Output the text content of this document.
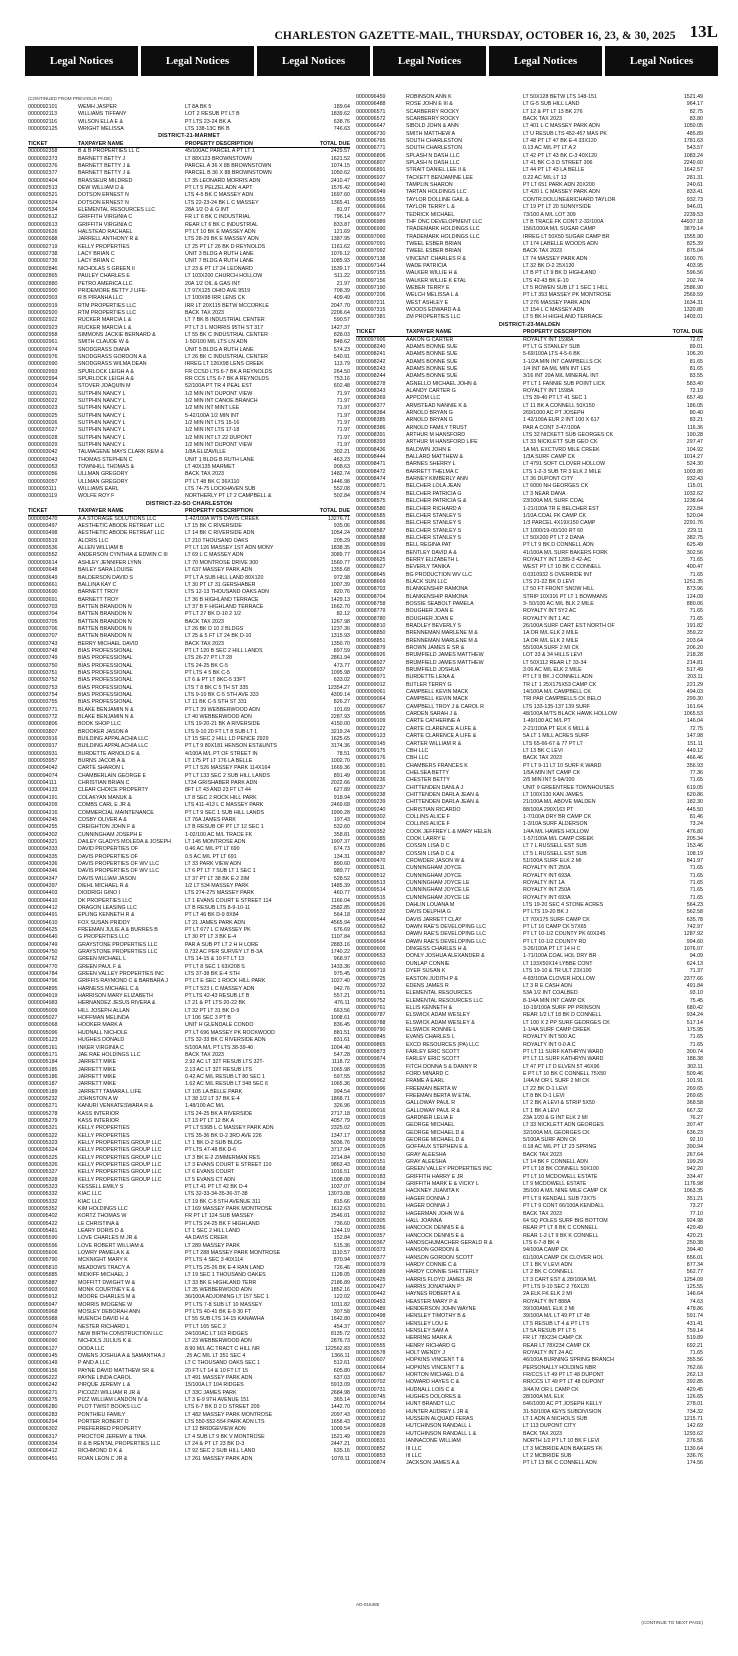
CHARLESTON GAZETTE-MAIL, THURSDAY, OCTOBER 16, 23, & 30, 2025 13L
Legal Notices	Legal Notices	Legal Notices	Legal Notices	Legal Notices	Legal Notices
(CONTINUED FROM PREVIOUS PAGE)
0000092101	WEMH JASPER	LT 8A BK 5	189.64
0000092113	WILLIAMS TIFFANY	LOT 2 RESUB PT LT B	1839.62
0000092116	WILSON ELLA E &	PT LTS 23-24 BK A	638.76
0000092125	WRIGHT MELISSA	LTS 138-13C BK B	746.63
DISTRICT-21-MARMET
TICKET	TAXPAYER NAME	PROPERTY DESCRIPTION	TOTAL DUE
0000092358	B & B PROPERTIES LL C	45/100AC PARCEL A PT LT 1	2429.57
0000092373	BARNETT BETTY J	LT 88X123 BROWNSTOWN	1621.52
0000092376	BARNETT BETTY J &	PARCEL A 36 X 88 BROWNSTOWN	1074.15
0000092377	BARNETT BETTY J &	PARCEL B 36 X 88 BROWNSTOWN	1050.62
0000092404	BRASSEUR MILDRED	LT 35 LEONARD MORRIS ADN	2410.47
0000092513	DEW WILLIAM D &	PT LT 5 PELZEL ADN 4 APT	1576.42
0000092521	DOTSON ERNEST N	LTS 4-5 BK C MASSEY ADN	1697.60
0000092524	DOTSON ERNEST N	LTS 22-23-24 BK L C MASSEY	1365.41
0000092534	ELEMENTAL RESOURCES LLC	28A 1/2 O & G INT	81.97
0000092612	GRIFFITH VIRGINIA C	FR LT 6 BK C INDUSTRIAL	796.14
0000092613	GRIFFITH VIRGINIA C	REAR LT 6 BK C INDUSTRIAL	833.87
0000092626	HALSTEAD RACHAEL	PT LT 10 BK E MASSEY ADN	121.69
0000092688	JARRELL ANTHONY R &	LTS 28-29 BK E MASSEY ADN	1387.95
0000092719	KELLY PROPERTIES	LT 25 PT LT 26 BK D REYNOLDS	1161.62
0000092738	LACY BRIAN C	UNIT 3 BLDG A RUTH LANE	1076.12
0000092739	LACY BRIAN C	UNIT 7 BLDG A RUTH LANE	1085.93
0000092846	NICHOLAS S GREEN II	LT 23 & PT LT 24 LEONARD	1539.17
0000092865	PAULEY CHARLES E	LT 103X200 CHURCH HOLLOW	511.22
0000092880	PETRO AMERICA LLC	20A 1/2 OIL & GAS INT	21.97
0000092900	PRIDEMORE BETTY J LIFE-	LT 97X125 OHIO AVE 9519	708.39
0000092903	R B PIRANHA LLC	LT 100X98 IRR LENS CK	409.49
0000092919	RTM PROPERTIES LLC	IRR LT 20X115 BETW MCCORKLE	2047.70
0000092920	RTM PROPERTIES LLC	BACK TAX 2023	2206.64
0000092922	RUCKER MARCIA L &	LT 7 BK B INDUSTRIAL CENTER	590.57
0000092923	RUCKER MARCIA L &	PT LT 3 L MORRIS 95TH ST 317	1427.37
0000092958	SIMMONS JACKIE BERNARD &	LT 55 BK C INDUSTRIAL CENTER	828.03
0000092961	SMITH CLAUDE W &	1-50/100 M/L LTS LN ADN	848.62
0000092974	SNODGRASS DIANA	UNIT 5 BLDG A RUTH LANE	574.23
0000092976	SNODGRASS GORDON A &	LT 26 BK C INDUSTRIAL CENTER	540.91
0000092990	SNODGRASS WILMA DEAN	IRREG LT 126X98 LENS CREEK	113.79
0000092993	SPURLOCK LEIGH A &	FR CCSD LTS 6-7 BK A REYNOLDS	264.50
0000092994	SPURLOCK LEIGH A &	RR CCS LTS 6-7 BK A REYNOLDS	753.16
0000093014	STOVER JOAQUIN M	52/100A PT TR 4 PEAL EST	602.48
0000093021	SUTPHIN NANCY L	1/2 MIN INT DUPONT VIEW	71.97
0000093022	SUTPHIN NANCY L	1/2 MIN INT CANOE BRANCH	71.97
0000093023	SUTPHIN NANCY L	1/2 MIN INT MINT LEE	71.97
0000093025	SUTPHIN NANCY L	5-42/100A 1/2 MIN INT	71.97
0000093026	SUTPHIN NANCY L	1/2 MIN INT LTS 15-16	71.97
0000093027	SUTPHIN NANCY L	1/2 MIN INT LTS 17-18	71.97
0000093028	SUTPHIN NANCY L	1/2 MIN INT LT 22 DUPONT	71.97
0000093029	SUTPHIN NANCY L	1/2 MIN INT DUPONT VIEW	71.97
0000093042	TALMAGENE MAYS CLARK REM &	1/8A ELIZAVILLE	302.21
0000093043	THOMAS STEPHEN C	UNIT 1 BLDG B RUTH LANE	463.23
0000093053	TOWNHILL THOMAS &	LT 40X135 MARMET	908.63
0000093056	ULLMAN GREGORY	BACK TAX 2023	1482.74
0000093057	ULLMAN GREGORY	PT LT 48 BK C 36X110	1446.98
0000093111	WILLIAMS EARL	LTS 74-75 LOCKHAVEN SUB	552.08
0000093119	WOLFE ROY F	NORTHERLY PT LT 2 CAMPBELL &	502.84
DISTRICT-22-SO CHARLESTON
TICKET	TAXPAYER NAME	PROPERTY DESCRIPTION	TOTAL DUE
0000093470	A A STORAGE SOLUTIONS LLC	1-42/100A WTS DAVIS CREEK	13276.71
0000093497	AESTHETIC ABODE RETREAT LLC	LT 15 BK C RIVERSIDE	935.06
0000093498	AESTHETIC ABODE RETREAT LLC	LT 14 BK C RIVERSIDE ADN	1054.24
0000093519	ALCRIS LLC	LT 210 THOUSAND OAKS	205.29
0000093536	ALLEN WILLIAM B	PT LT 126 MASSEY 1ST ADN MONY	1838.35
0000093552	ANDERSON CYNTHIA & EDWIN C III	LT 69 L C MASSEY ADN	3089.77
0000093614	ASHLEY JENNIFER LYNN	LT 70 MONTROSE DRIVE 300	1560.77
0000093648	BAILEY SARA LOUISE	LT 637 MASSEY PARK ADN	1355.68
0000093649	BALDERSON DAVID S	PT LT A SUB HILL LAND 80X120	972.98
0000093661	BALLINA KAY C	LT 30 PT LT 31 GERSHABER	1007.39
0000093690	BARNETT TROY	LTS 12-13 THOUSAND OAKS ADN	820.76
0000093691	BARNETT TROY	LT 36 B HIGHLAND TERRACE	1429.13
0000093703	BATTEN BRANDON N	LT 37 B F HIGHLAND TERRACE	1662.70
0000093704	BATTEN BRANDON N	PT LT 27 BK D-10 2 1/2	82.12
0000093705	BATTEN BRANDON N	BACK TAX 2023	1267.98
0000093706	BATTEN BRANDON N	LT 26 BK D 10 2 BLDGS	1237.36
0000093707	BATTEN BRANDON N	LT 25 & 5 FT LT 24 BK D-10	1315.93
0000093743	BERRY MICHAEL DAVID	BACK TAX 2023	1350.70
0000093748	BIAS PROFESSIONAL	PT LT 120 B SEC 2 HILL LANDS	897.59
0000093749	BIAS PROFESSIONAL	LTS 26-27 PT LT 28	2861.94
0000093750	BIAS PROFESSIONAL	LTS 24-25 BK C-5	473.77
0000093751	BIAS PROFESSIONAL	PT LTS 4 5 BK C-5	1095.98
0000093752	BIAS PROFESSIONAL	LT 6 & PT LT 8KC-5 33FT	633.02
0000093753	BIAS PROFESSIONAL	LTS 7 8 BK C 5 TH ST 335	12354.27
0000093754	BIAS PROFESSIONAL	LTS 9-10 BK C-5 STH AVE 333	4300.14
0000093755	BIAS PROFESSIONAL	LT 11 BK C-5 STH ST 331	826.27
0000093771	BLAKE BENJAMIN N &	PT LT 39 WEBBERWOOD ADN	101.69
0000093772	BLAKE BENJAMIN N &	LT 40 WEBBERWOOD ADN	2287.93
0000093806	BOOK SHOP LLC	LTS 19-20-21 BK A RIVERSIDE	4150.00
0000093807	BROOKER JASON A	LTS 9-10 20 FT LT 8 SUB LT 1	3219.24
0000093916	BUILDING APPALACHIA LLC	LT 15 SEC 2 HILL LD PENCE 2929	1625.65
0000093917	BUILDING APPALACHIA LLC	PT LT 9 80X181 HENSON EST&UNTS	3174.36
0000093931	BURDETTE ARNOLD E &	4/100A M/L PT OF STREET IN	78.51
0000093957	BURNS JACOB A &	LT 175 PT LT 176 LA BELLE	1002.70
0000094042	CARTE SHARON L	PT LT 526 MASSEY PARK 114X164	1669.36
0000094074	CHAMBERLAIN GEORGE E	PT LT 133 SEC 2 SUB HILL LANDS	891.49
0000094111	CHRISTIAN BRIAN C	LT34 GRISHABER PARK ADN	2022.66
0000094133	CLEAR CHOICE PROPERTY	8FT LT 43 AND 23 FT LT 44	627.89
0000094191	COLAKYAN MANUK &	LT 8 SEC 2 ROCK HILL PARK	918.94
0000094209	COMBS CARL E JR &	LTS 411-413 L C MASSEY PARK	2469.68
0000094216	COMMERCIAL MAINTENANCE	PT LT 9 SEC 1 SUB HILL LANDS	1990.28
0000094245	COSBY OLIVER A &	LT 76A JAMES PARK	197.43
0000094255	CREIGHTON JOHN F &	LT B RESUB OF PT LT 12 SEC 1	532.60
0000094302	CUNNINGHAM JOSEPH E	1-02/100 AC M/L TRACE FK	358.81
0000094321	DAILEY GLADYS MOLEDA & JOSEPH	LT 145 MONTROSE ADN	1907.37
0000094333	DAVID PROPERTIES OF	0.46 AC M/L PT LT 690	674.73
0000094335	DAVIS PROPERTIES OF	0.5 AC M/L PT LT 691	134.31
0000094336	DAVIS PROPERTIES OF WV LLC	LT 33 PARK VIEW ADN	890.60
0000094346	DAVIS PROPERTIES OF WV LLC	LT 6 PT LT 7 SUB LT 1 SEC 1	989.77
0000094347	DAVIS WILLIAM JASON	LT 37 PT LT 38 BK E-2 2IM	528.52
0000094397	DIEHL MICHAEL R &	1/2 LT 534 MASSEY PARK	1485.39
0000094403	DIODRIGI GINO I	LTS 274-275 MASSEY PARK	460.77
0000094410	DK PROPERTIES LLC	LT 1 EVANS COURT E STREET 114	1166.04
0000094412	DRAGON LEASING LLC	LT B RESUB LTS 8-9-10-11	2582.85
0000094491	EPLING KENNETH R &	PT LT 46 BK D-9 8X84	564.18
0000094610	FOX SUSAN PRIDDY	LT 21 JAMES PARK ADN	4565.94
0000094625	FREEMAN JULIE A & BURRES B	PT LT 677 L C MASSEY PK	676.69
0000094640	G PROPERTIES LLC	LT 30 PT LT 3 BK E-4	1107.84
0000094749	GRAYSTONE PROPERTIES LLC	PAR A SUB PT LT 2 H H LORE	2883.16
0000094750	GRAYSTONE PROPERTIES LLC	0.732 AC PER SURVEY LT B-3A	1740.22
0000094762	GREEN MICHAEL L	LTS 14-15 & 10 FT LT 13	968.97
0000094770	GREEN PAUL F &	PT LT 8 SEC 1 63X208 S	1433.36
0000094784	GREEN VALLEY PROPERTIES INC	LTS 37-38 BK E-4 STH	975.45
0000094796	GRIFFIS RAYMOND C & BARBARA J	PT LT E SEC 1 ROCK HILL PARK	1027.40
0000094895	HARNESS MICHAEL C &	PT LT 523 L C MASSEY ADN	942.76
0000094919	HARRISON MARY ELIZABETH	PT LTS 42-43 RESUB LT B	557.21
0000094983	HERNANDEZ JESUS RIVERA &	LT 21 & PT LTS 20-22 BK	476.11
0000095009	HILL JOSEPH ALLAN	LT 32 PT LT 31 BK D-9	663.56
0000095027	HOFFMAN MELINDA	LT 106 SEC 3 PT B	1008.61
0000095068	HOOKER MARK A	UNIT H GLENDALE CONDO	836.45
0000095096	HUDNALL NICHOLE	PT LT 696 MASSEY PK ROCKWOOD	881.51
0000095123	HUGHES DONALD	LTS 32-33 BK C RIVERSIDE ADN	831.61
0000095161	INKER VIRGINIA C	5/100A M/L PT LTS 38-39-40	1004.40
0000095171	JAE RAE HOLDINGS LLC	BACK TAX 2023	547.28
0000095184	JARRETT MIKE	2.92 AC LT 32T RESUB LTS 32T-	1118.72
0000095185	JARRETT MIKE	2.13 AC LT 32T RESUB LTS	1065.98
0000095186	JARRETT MIKE	0.42 AC M/L RESUB LT 80 SEC 1	597.55
0000095187	JARRETT MIKE	1.62 AC M/L RESUB LT 348 SEC 6	1065.36
0000095189	JARRETT TAMARA L LIFE	LT 105 LA BELLE PARK	994.54
0000095232	JOHNSTON A W	LT 38 1/2 LT 37 BK E-4	1868.71
0000095271	KANURI VENKATESWARA R &	1.48/100 AC M/L	326.96
0000095278	KASS INTERIOR	LTS 24-25 BK A RIVERSIDE	2717.18
0000095279	KASS INTERIOR	LT 13 PT LT 12 BK A	4057.79
0000095321	KELLY PROPERTIES	PT LT 536B L C MASSEY PARK ADN	2325.02
0000095322	KELLY PROPERTIES	LTS 35-36 BK D-2 3RD AVE 226	1347.17
0000095323	KELLY PROPERTIES GROUP LLC	LT 1 BK D-2 SUB BLDG	5036.76
0000095324	KELLY PROPERTIES GROUP LLC	PT LTS 47-48 BK D-6	3717.94
0000095325	KELLY PROPERTIES GROUP LLC	LT 3 BK E-2 ZIMMERMAN RES	2214.84
0000095326	KELLY PROPERTIES GROUP LLC	LT 3 EVANS COURT E STREET 110	9863.43
0000095327	KELLY PROPERTIES GROUP LLC	LT 6 EVANS COURT	1016.51
0000095328	KELLY PROPERTIES GROUP LLC	LT 5 EVANS CT ADN	1508.08
0000095323	KESSELL EMILY S	PT LT 41 PT LT 42 BK D-4	1037.07
0000095332	KIAC LLC	LTS 32-33-34-35-36-37-38	13073.08
0000095332	KIAC LLC	LT 19 BK C-5 5TH AVENUE 311	815.66
0000095352	KIM HOLDINGS LLC	LT 169 MASSEY PARK MONTROSE	1612.63
0000095402	KORTZ THOMAS W	FR PT LT 124 SUB MASSEY	2546.01
0000095422	LE CHRISTINA &	PT LTS 24-25 BK F HIGHLAND	736.60
0000095481	LEARY DORIS D &	LT 1 SEC 2 HILL LAND	1244.19
0000095590	LOVE CHARLES M JR &	4A DAVIS CREEK	152.84
0000095596	LOVE ROBERT WILLIAM &	LT 289 MASSEY PARK	515.36
0000095606	LOWRY PAMELA K &	PT LT 288 MASSEY PARK MONTROSE	1110.57
0000095790	MCKNIGHT MARY K	PT LTS 4 SEC 3 40X114	870.94
0000095810	MEADOWS TRACY A	PT LTS 25-26 BK E-4 RAN LAND	726.46
0000095885	MIDKIFF MICHAEL J	LT 19 SEC 1 THOUSAND OAKES	1128.05
0000095887	MOFFITT DWIGHT W &	LT 33 BK E HIGHLAND TERR	2186.89
0000095903	MONK COURTNEY E &	LT 35 WEBBERWOOD ADN	1852.16
0000095912	MOORE CHARLES M &	36/100A ADJOINING LT 157 SEC 1	122.02
0000095947	MORRIS IMOGENE W	PT LTS 7-8 SUB LT 10 MASSEY	1011.82
0000095968	MOSLEY DEBORAH ANN	PT LTS 40-41 BK E-9 30 FT	307.58
0000095988	MUENCH DAVID H &	LT 55 SUB LTS 14-15 KANAWHA	1642.80
0000096074	NESTER RICHARD L	PT LT 165 SEC 2	454.37
0000096077	NEW BIRTH CONSTRUCTION LLC	24/100AC LT 163 RIDGES	8135.72
0000096090	NICHOLS JULIUS K &	LT 23 WEBBERWOOD ADN	2876.73
0000096127	OODA LLC	8.90 M/L AC TRACT C HILL NR	122562.83
0000096145	OWENS JOSHUA A & SAMANTHA J	.25 AC M/L LT 351 SEC 4	1366.11
0000096149	P AND A LLC	LT C THOUSAND OAKS SEC 1	512.61
0000096156	PAYNE DAVID MATTHEW SR &	20 FT LT 14 & 10 FT LT 15	605.80
0000096222	PAYNE LINDA CAROL	LT 491 MASSEY PARK ADN	637.03
0000096242	PIRQUE JEREMY L &	15/100A LT 104 RIDGES	5913.09
0000096271	PICOZZI WILLIAM R JR &	LT 33C JAMES PARK	2684.98
0000096275	PIZZ WILLIAM LANDON IV &	LT 3 E-9 9TH AVENUE 151	365.14
0000096280	PLOT TWIST BOOKS LLC	LTS 6-7 BK D 2 D STREET 209	1442.70
0000096283	PONTHIEU FAMILY	LT 482 MASSEY PARK MONTROSE	2097.43
0000096294	PORTER ROBERT D	LTS 550-552-554 PARK ADN LTS	1656.43
0000096302	PREFERRED PROPERTY	LT 12 BRIDGEVIEW ADN	1009.54
0000096317	PROCTOR JEREMY & TINA	LT 4 SUB LT 9 BK V MONTROSE	1521.49
0000096334	R & B RENTAL PROPERTIES LLC	LT 24 & PT LT 23 BK D-3	2447.21
0000096412	RICHMOND D K &	LT 92 SEC 2 SUB HILL LAND	635.16
0000096451	ROAN LEON C JR &	LT 261 MASSEY PARK ADN	1078.11
0000096459	ROBINSON ANN K	LT 50X128 BETW LTS 148-151	1521.49
0000096488	ROSE JOHN E III &	LT G-5 SUB HILL LAND	964.17
0000096571	SCARBERRY ROCKY	LT 12 & PT LT 13 BK 276	82.75
0000096572	SCARBERRY ROCKY	BACK TAX 2023	83.80
0000096647	SIBOLD JOHN & ANN	LT 401 L C MASSEY PARK ADN	1050.05
0000096730	SMITH MATTHEW A	LT U RESUB LTS 452-457 MAS PK	485.89
0000096765	SOUTH CHARLESTON	LT 48 PT LT 47 BK E-4 33X120	1781.63
0000096771	SOUTH CHARLESTON	0.13 AC M/L PT LT A 2	543.57
0000096806	SPLASH N DASH LLC	LT 42 PT LT 43 BK C-3 40X120	1083.24
0000096807	SPLASH N DASH LLC	LT 41 BK C-3 D STREET 306	2240.60
0000096891	STRAIT DANIEL LEE II &	LT 44 PT LT 43 LA BELLE	1642.57
0000096927	TACKETT BENJAMINE LEE	0.22 AC M/L LT 13	281.31
0000096940	TAMPLIN SHARON	PT LT 651 PARK ADN 20X200	240.61
0000096949	TARTAN HOLDINGS LLC	LT 420 L C MASSEY PARK ADN	833.41
0000096955	TAYLOR DOLLINE GAIL &	CONTR.DOLLINE&RICHARD TAYLOR	932.73
0000096966	TAYLOR TERRY L &	LT 19 PT LT 20 SUNNYSIDE	946.01
0000096977	TEDRICK MICHAEL	73/100 A M/L LOT 309	2239.53
0000096989	THF ONC DEVELOPMENT LLC	LT B TRACE FK CONT 2-32/100A	44937.18
0000096990	TRADEMARK HOLDINGS LLC	156/1000A M/L SUGAR CAMP	3879.14
0000097060	TRADEMARK HOLDINGS LLC	IRREG LT 50X50 SUGAR CAMP BR	1555.90
0000097091	TWEEL ESBER BRIAN	LT 174 LABELLE WOODS ADN	825.39
0000097092	TWEEL ESBER BRIAN	BACK TAX 2023	875.04
0000097138	VINCENT CHARLES R &	LT 74 MASSEY PARK ADN	1600.76
0000097144	WADE PATRICIA	LT 32 BK D-2 25X130	403.95
0000097155	WALKER WILLIE H &	LT B PT LT 9 BK D HIGHLAND	596.56
0000097156	WALKER WILLIE K ETAL	LTS 42-43 BK E-10	202.74
0000097190	WEBER TERRY E	LT 5 ROWEN SUB LT 1 SEC 1 HILL	2586.90
0000097206	WELCH MELISSA L &	PT LT 353 MASSEY PK MONTROSE	2569.59
0000097211	WEST ASHLEY E	LT 276 MASSEY PARK ADN	1634.31
0000097315	WOODS EDWARD A &	LT 154 L C MASSEY ADN	1320.80
0000097381	ZM PROPERTIES LLC	LT 5 BK H HIGHLAND TERRACE	1403.01
DISTRICT-23-MALDEN
TICKET	TAXPAYER NAME	PROPERTY DESCRIPTION	TOTAL DUE
0000097906	AAKON G CARTER	ROYALTY INT 1598A	72.67
0000098240	ADAMS BONNE SUE	PT LT G STANLEY SUB	89.01
0000098241	ADAMS BONNE SUE	5-69/100A LTS 4-5-6 BK	106.20
0000098242	ADAMS BONNE SUE	1-1/2A MIN INT CAMPBELLS CK	81.65
0000098243	ADAMS BONNE SUE	1/4 INT 8A M/L MIN INT LES	81.65
0000098244	ADAMS BONNE SUE	3/16 INT 20A M/L MINERAL INT	83.55
0000098278	AGNELLO MICHAEL JOHN &	PT LT 1 FANNIE SUB POINT LICK	583.40
0000098343	ALANDY CARTER G	ROYALTY INT 1598A	72.19
0000098369	APPCOM LLC	LTS 39-40 PT LT 41 SEC 1	657.49
0000098377	ARMSTEAD NANNIE K &	LT 11 BK A CONNELL 50X150	186.05
0000098384	ARNOLD BRYAN G	269/1000 AC PT JOSEPH	80.40
0000098385	ARNOLD BRYAN G	1 42/100A EUR 2 INT 100 X 617	83.21
0000098386	ARNOLD FAMILY TRUST	PAR A CONT 3-47/100A	116.36
0000098391	ARTHUR M HANSFORD	LTS 32 NICKETT SUB GEORGES CK	190.28
0000098393	ARTHUR M HANSFORD LIFE	LT 33 NICKLETT SUB GEO CK	297.47
0000098436	BALDWIN JOHN E	1A M/L EXCTVRD MILE CREEK	104.92
0000098444	BALLARD MATTHEW &	1/3A SURF CAMP CK	1014.27
0000098471	BARNES SHERRY L	LT 4791 SOFT CLOVER HOLLOW	524.30
0000098472	BARRETT THELMA C	LTS 1-2-3 SUB TR 3 ELK 2 MILE	1003.80
0000098474	BARNEY KIMBERLY ANN	LT 36 DUPONT CITY	932.43
0000098571	BELCHER LOLA JEAN	LT 6000 NH GEORGES CK	115.01
0000098574	BELCHER PATRICIA G	LT 3 NEAR DANA	1032.62
0000098575	BELCHER PATRICIA G &	23/100A M/L SURF COAL	1238.64
0000098580	BELCHER RICHARD A	1-21/100A TR E BELCHER EST	223.84
0000098585	BELCHER STANLEY S	1/10A COAL FK CAMP CK	520.04
0000098586	BELCHER STANLEY S	1/3 PARCEL 4X19X150 CAMP	2291.76
0000098587	BELCHER STANLEY S	LT 1000/19-00/100 RT 60	229.11
0000098588	BELCHER STANLEY S	LT 50X200 PT LT 2 DANA	382.75
0000098599	BELL REGINA PAT	PT LT 9 BK D CONNELL ADN	625.49
0000098614	BENTLEY DAVID A &	41/100A M/L SURF BAKERS FORK	302.56
0000098625	BERRY ELIZABETH L	ROYALTY INT 1289-3 42-AC	71.65
0000098627	BEVERLY TANIKA	WEST PT LT 10 BK C CONNELL	400.47
0000098645	BG PRODUCTION WV LLC	0.0310932 S OVERRIDE INT	71.65
0000098669	BLACK SUN LLC	LTS 21-22 BK D LEVI	1251.35
0000098703	BLANKENSHIP RAMONA	LT 50 FT FRONT SNOW HILL	873.96
0000098704	BLANKENSHIP RAMONA	STRIP 10X316 PT LT 1 BOWMANS	124.09
0000098758	BOSSIE SEABOLT PAMELA	3- 50/100 AC M/L BLK 2 MILE	880.06
0000098779	BOUGHER JOAN E	ROYALTY INT 5Y2 AC	71.65
0000098780	BOUGHER JOAN E	ROYALTY INT 1 AC	71.65
0000098810	BRADLEY BEVERLY S	26/100A SURF CART EST NORTH OF	191.82
0000098850	BRENNEMAN MARLENE M &	1A OR M/L ELK 2 MILE	359.22
0000098851	BRENNEMAN MARLENE M &	1A OR M/L ELK 2 MILE	203.64
0000098879	BROWN JAMES E SR &	55/100A SURF 2 MI CK	206.20
0000098926	BRUMFIELD JAMES MATTHEW	LOT 33 & 34 HILLS LEVI	218.28
0000098927	BRUMFIELD JAMES MATTHEW	LT 50X112 REAR LT 33-34	214.81
0000098937	BRUMFIELD JOSHUA	3.06 AC M/L ELK 2 MILE	517.49
0000098971	BURDETTE LENA &	PT LT 9 BK J CONNELL ADN	203.11
0000099012	BUTLER TERRY G	TR LT 1 25X175X53 CAMP CK	221.29
0000099061	CAMPBELL KEVIN MACK	14/100A M/L CAMPBELL CK	494.03
0000099064	CAMPBELL KEVIN MACK	TRI PAR CAMPBELLS CK BELO	299.30
0000099067	CAMPBELL TROY J & CAROL R	LTS 133-135-137 139 SURF	161.64
0000099095	CARDEN SARAH J &	48/100A M/TS BLACK HAWK HOLLOW	1065.53
0000099109	CARTE CATHERINE A	1-49/100 AC M/L PT	146.04
0000099122	CARTE CLARENCE A LIFE &	2-21/100A PT ELK 6 MILL &	72.75
0000099123	CARTE CLARENCE A LIFE &	5A LT 1 MILL ACRES SURF	147.98
0000099145	CARTER WILLIAM R &	LTS 65-66-67 & 77 PT LT	151.11
0000099175	CBH LLC	LT 13 BK C LEVI	449.12
0000099176	CBH LLC	BACK TAX 2023	466.46
0000099181	CHAMBERS FRANCES K	PT LT 9-11 LT 10 SURF K WARD	356.93
0000099216	CHELSEA BETTY	1/5A MIN INT CAMP CK	77.36
0000099236	CHESTER BETTY	2/5 MIN INT 5-9A/100	71.65
0000099237	CHITTENDEN DANLA J	UNIT 9 GREENTREE TOWNHOUSES	619.05
0000099238	CHITTENDEN DARLA JEAN &	LT 100X130 KAN JAMES	620.86
0000099239	CHITTENDEN DARLA JEAN &	21/100A M/L ABOVE MALDEN	182.30
0000099240	CHRISTIAN RICARDO	88/100A 290X163 PT	445.50
0000099302	COLLINS ALICE F	1-7/100A DRY BR CAMP CK	81.46
0000099304	COLLINS ALICE F	1-3/10A SURF ALDERSON	73.24
0000099352	COOK JEFFREY L & MARY HELEN	1/4A M/L HAWES HOLLOW	476.80
0000099385	COOK LARRY E	1-57/100A M/L CAMP CREEK	205.34
0000099386	COSSIN LISA D C	LT 7 L RUSSELL EST SUB	153.46
0000099387	COSSIN LISA D C &	LT 5 L RUSSELL EST SUB	108.19
0000099470	CROWDER JASON W &	51/100A SURF ELK 2 MI	841.97
0000099511	CUNNINGHAM JOYCE	ROYALTY INT 250A	71.65
0000099512	CUNNINGHAM JOYCE	ROYALTY INT 693A	71.65
0000099513	CUNNINGHAM JOYCE LE	ROYALTY INT 1A	71.65
0000099514	CUNNINGHAM JOYCE LE	ROYALTY INT 250A	71.65
0000099515	CUNNINGHAM JOYCE LE	ROYALTY INT 693A	71.65
0000099526	DAHLIN LOUANA M	LTS 19-20 SEC 4 STONE ACRES	564.23
0000099532	DAVIS DELPHIA G	PT LTS 19-20 BK J	562.58
0000099544	DAVIS JARRETT CLAY	LT 70X175 SURF CAMP CK	635.78
0000099562	DAWN RAE'S DEVELOPING LLC	PT LT 16 CAMP CK 57X65	742.97
0000099563	DAWN RAE'S DEVELOPING LLC	PT LT 10-1/2 COUNTY PK 60X245	1287.92
0000099564	DAWN RAE'S DEVELOPING LLC	PT LT 10-1/2 COUNTY RD	994.60
0000099609	DINGESS CHARLES H &	3-26/100A PT LT 14 H C	1076.07
0000099653	DONLY JOSHUA ALEXANDER &	1-71/100A COAL HOL DRY BR	94.09
0000099660	DUNLAP CONNIE	LT 133X50X14 LYBBE CONT	624.13
0000099719	DYER SUSAN K	LTS 19-10 & TR ULT 23X100	71.37
0000099725	EASTON JUDITH P &	4-83/100A CLOVER HOLLOW	2377.66
0000099732	EDENS JAMES R	LT 3 R E CASH ADN	491.84
0000099751	ELEMENTAL RESOURCES	53A 1/2 INT COALBED	93.10
0000099752	ELEMENTAL RESOURCES LLC	8-1/4A MIN INT CAMP CK	75.45
0000099761	ELLIS KENNETH &	10-19/100A SURF PP PRINSON	680.42
0000099787	ELSWICK ADAM WESLEY	REAR 1/2 LT 18 BK D CONNELL	934.24
0000099788	ELSWICK ADAM WESLEY &	LT 100 X 2 PP SURF GEORGES CK	517.14
0000099790	ELSWICK RONNIE L	1-1/4A SURF CAMP CREEK	175.95
0000099845	EVANS CHARLES L	ROYALTY INT 500 AC	71.65
0000099865	EXCO RESOURCES (PA) LLC	ROYALTY INT 0-0 A C	71.65
0000099873	FARLEY ERIC SCOTT	PT LT 11 SURF KATHRYN WARD	300.74
0000099874	FARLEY ERIC SCOTT	PT LT 11 SURF KATHRYN WARD	188.38
0000099935	FITCH DONNA S & DANNY R	LT 47 PT LT D ELVEN 5T 46X96	302.11
0000099952	FORD MINARD C	E PT LT 10 BK C CONNELL 75X50	509.46
0000099962	FRAME A EARL	1/4A M OR L SURF 2 MI CK	101.91
0000099996	FREEMAN BERTA W	LT 22 BK D-1 LEVI	269.65
0000099997	FREEMAN BERTA W ETAL	LT 8 BK D-1 LEVI	269.65
0000100015	GALLOWAY PAUL R	LT 2 BK A LEVI & STRIP 5X50	368.58
0000100016	GALLOWAY PAUL R &	LT 1 BK A LEVI	667.32
0000100019	GARDNER LELIA E	23A 1/20 & G INT ELK 2 MI	76.27
0000100035	GEORGE MICHAEL	LT 33 NICKLETT ADN GEORGES	307.47
0000100058	GEORGE MICHAEL D &	32/100A M/L GEORGES CK	636.23
0000100059	GEORGE MICHAEL D &	5/100A SURF ADN CK	92.10
0000100105	GOFFAUX STEPHEN E &	0.18 AC M/L PT LT 23 SPRING	390.94
0000100150	GRAY ALEESHA	BACK TAX 2023	267.64
0000100151	GRAY ALEESHA	LT 14 BK F CONNELL ADN	199.29
0000100168	GREEN VALLEY PROPERTIES INC	PT LT 18 BK CONNELL 50X100	942.20
0000100183	GRIFFITH HARRY E JR	PT LT 10 MCDOWELL ESTATE	334.47
0000100184	GRIFFITH MARK E & VICKY L	LT 9 MCDOWELL ESTATE	1176.98
0000100258	HACKNEY JUANITA K	35/100 A M/L NINE MILE CAMP CK	1063.35
0000100289	HAGER DONNA J	PT LT 9 KENDALL SUB 73X75	351.21
0000100291	HAGER DONNA J	PT LT 9 CONT 66/100A KENDALL	73.27
0000100292	HAGERMAN JOHN W &	BACK TAX 2023	77.10
0000100305	HALL JOANNA	64 SQ POLES SURF BIG BOTTOM	924.98
0000100356	HANCOCK DENNIS E &	REAR PT LT 8 BK C CONNELL	429.49
0000100357	HANCOCK DENNIS E &	REAR 1-2 LT 9 BK K CONNELL	420.21
0000100367	HANDSCHUMACHER GERALD R &	LTS 6-7-8 BK 4	250.38
0000100373	HANSON GORDON &	94/100A CAMP CK	394.40
0000100377	HANSON GORDON SCOTT	61/100A CAMP CK CLOVER HOL	656.01
0000100379	HARDY CONNIE C &	LT 1 BK V LEVI ADN	877.34
0000100389	HARDY CONNIE SHETTERLY	LT 2 BK C CONNELL	562.77
0000100425	HARRIS FLOYD JAMES JR	LT 3 CART EST & 28/100A M/L	1254.09
0000100427	HARRIS JONATHAN P	PT LTS 9-10 SEC 2 76X120	125.55
0000100442	HAYNES ROBERT A &	2A ELK FK ELK 2 MI	146.64
0000100453	HEASTER MARY P &	ROYALTY INT 888A	74.63
0000100489	HENDERSON JOHN WAYNE	39/100AM/L ELK 2 MI	478.86
0000100498	HENSLEY TIMOTHY B &	39/100A M/L LT 49 PT LT 48	591.74
0000100507	HENSLEY LOU E	LT 5 RESUB LT 4 & PT LT 5	431.41
0000100521	HENSLEY SAM A	LT 5A RESUB PT LT 5	759.14
0000100532	HERRING MARK A	FR LT 78X234 CAMP CK	519.89
0000100555	HENRY RICHARD G	REAR LT 78X234 CAMP CK	692.21
0000100578	HOLT WENDY J	ROYALTY INT 24 AC	71.65
0000100607	HOPKINS VINCENT T &	46/100A BURNING SPRING BRANCH	355.56
0000100664	HOPKINS VINCENT T &	PERSONALLY HOLDING NBR	762.66
0000100667	HORTON MICHAEL D &	FR/CCS LT 49 PT LT 48 DUPONT	262.13
0000100702	HOWARD HAYES C &	RR/CCS LT 49 PT LT 48 DUPONT	392.85
0000100731	HUDNALL LOIS C &	3/4A M OR L CAMP CK	429.45
0000100745	HUGHES DOLORES &	28/100A M/L ELK	126.65
0000100764	HUNT BRANDT LLC	646/1000 AC PT JOSEPH KELLY	278.01
0000100810	HUNTER AUDREY L JR &	31-50/100A KEYS SUBDIVISION	734.32
0000100812	HUSSEIN ALQUAID FERAS	LT 1 ADN A NICHOLS SUB	1215.71
0000100828	HUTCHINSON RANDALL L	LT 113 DUPONT CITY	142.69
0000100829	HUTCHINSON RANDALL L &	BACK TAX 2023	1293.62
0000100831	IANNACONE WILLIAM	NORTH 1/2 PT LT 10 BK F LEVI	276.56
0000100852	III LLC	LT 3 MCBRIDE ADN BAKERS FK	1130.64
0000100853	III LLC	LT 2 MCBRIDE SUB	336.76
0000100874	JACKSON JAMES A &	PT LT 13 BK C CONNELL ADN	174.56
AD-015485
(CONTINUE TO NEXT PAGE)
